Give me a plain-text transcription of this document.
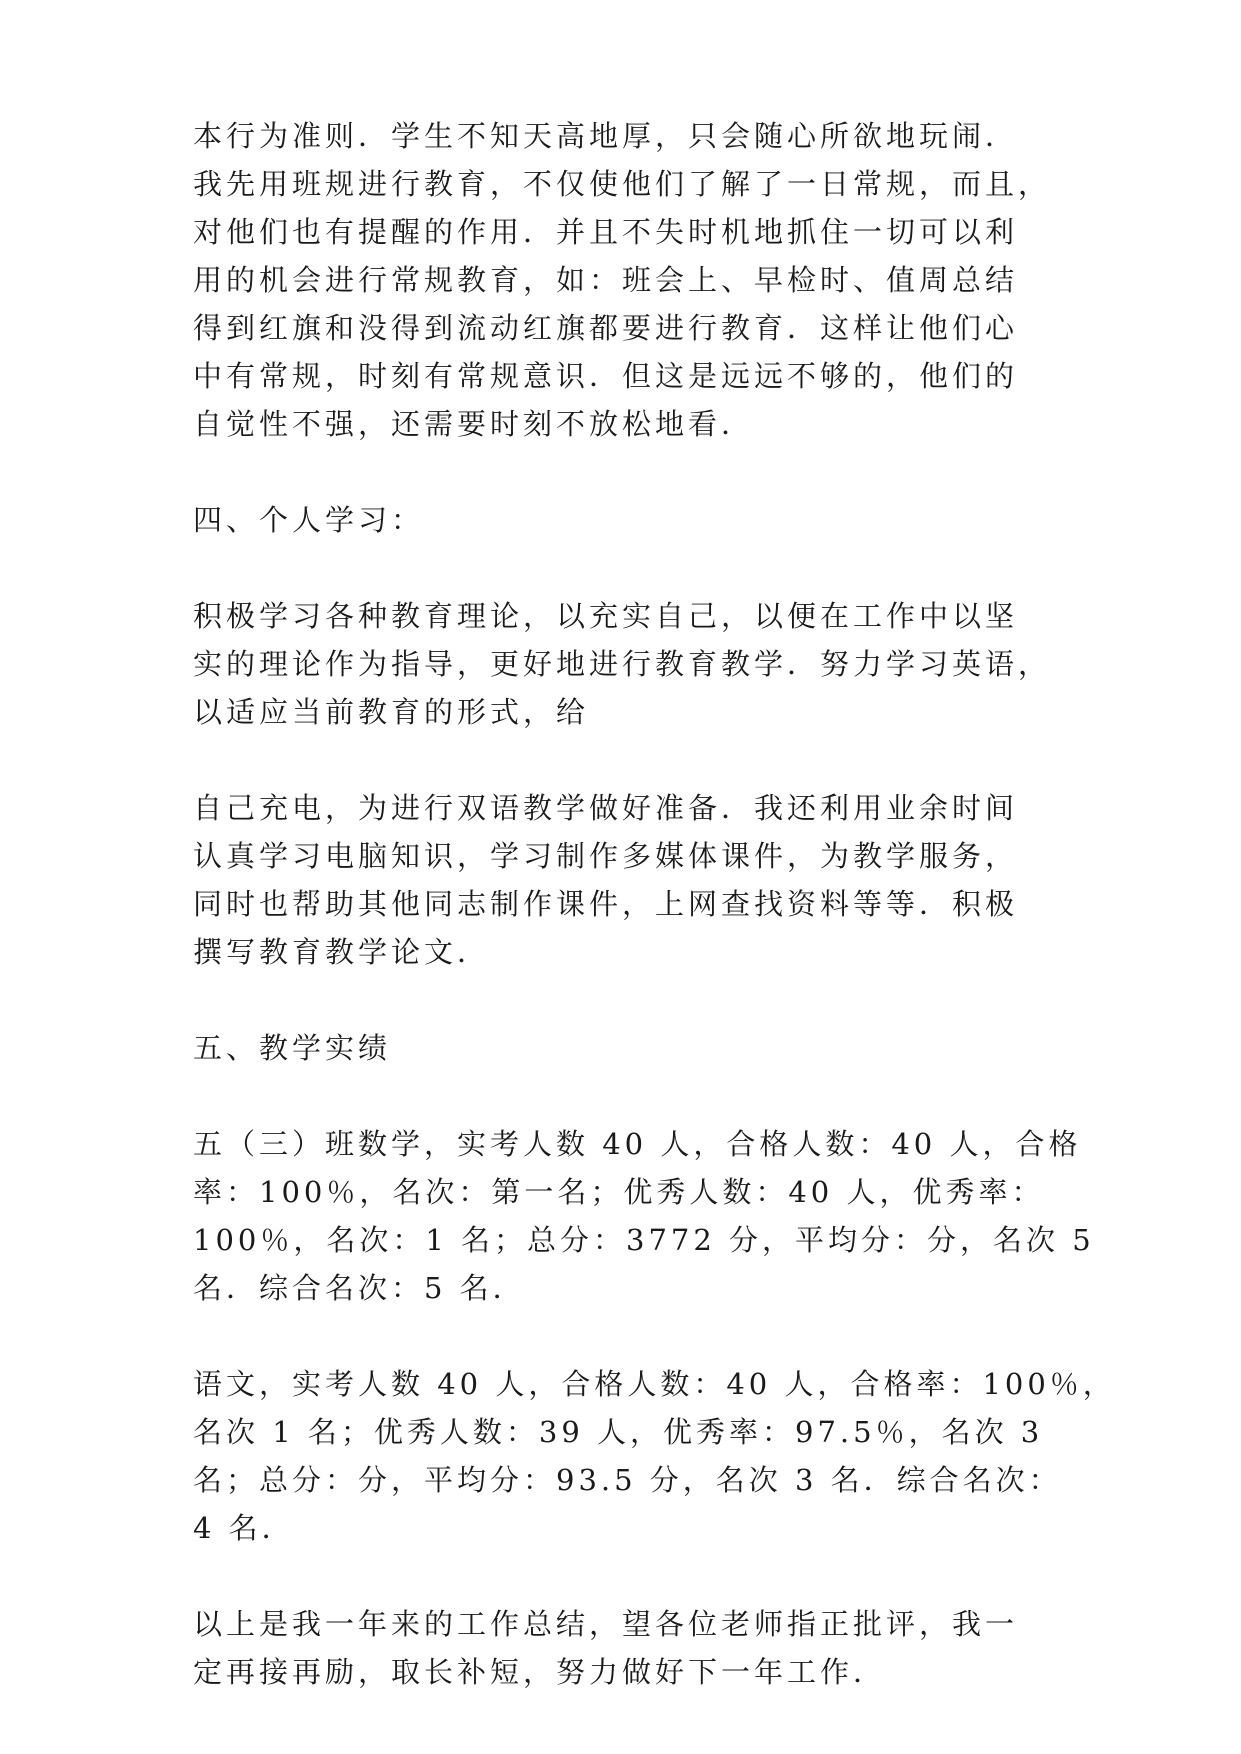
本行为准则．学生不知天高地厚，只会随心所欲地玩闹．
我先用班规进行教育，不仅使他们了解了一日常规，而且，
对他们也有提醒的作用．并且不失时机地抓住一切可以利
用的机会进行常规教育，如：班会上、早检时、值周总结
得到红旗和没得到流动红旗都要进行教育．这样让他们心
中有常规，时刻有常规意识．但这是远远不够的，他们的
自觉性不强，还需要时刻不放松地看．
四、个人学习：
积极学习各种教育理论，以充实自己，以便在工作中以坚
实的理论作为指导，更好地进行教育教学．努力学习英语，
以适应当前教育的形式，给
自己充电，为进行双语教学做好准备．我还利用业余时间
认真学习电脑知识，学习制作多媒体课件，为教学服务，
同时也帮助其他同志制作课件，上网查找资料等等．积极
撰写教育教学论文．
五、教学实绩
五（三）班数学，实考人数 40 人，合格人数：40 人，合格
率：100％，名次：第一名；优秀人数：40 人，优秀率：
100％，名次：1 名；总分：3772 分，平均分：分，名次 5
名．综合名次：5 名．
语文，实考人数 40 人，合格人数：40 人，合格率：100％，
名次 1 名；优秀人数：39 人，优秀率：97.5％，名次 3
名；总分：分，平均分：93.5 分，名次 3 名．综合名次：
4 名．
以上是我一年来的工作总结，望各位老师指正批评，我一
定再接再励，取长补短，努力做好下一年工作．
